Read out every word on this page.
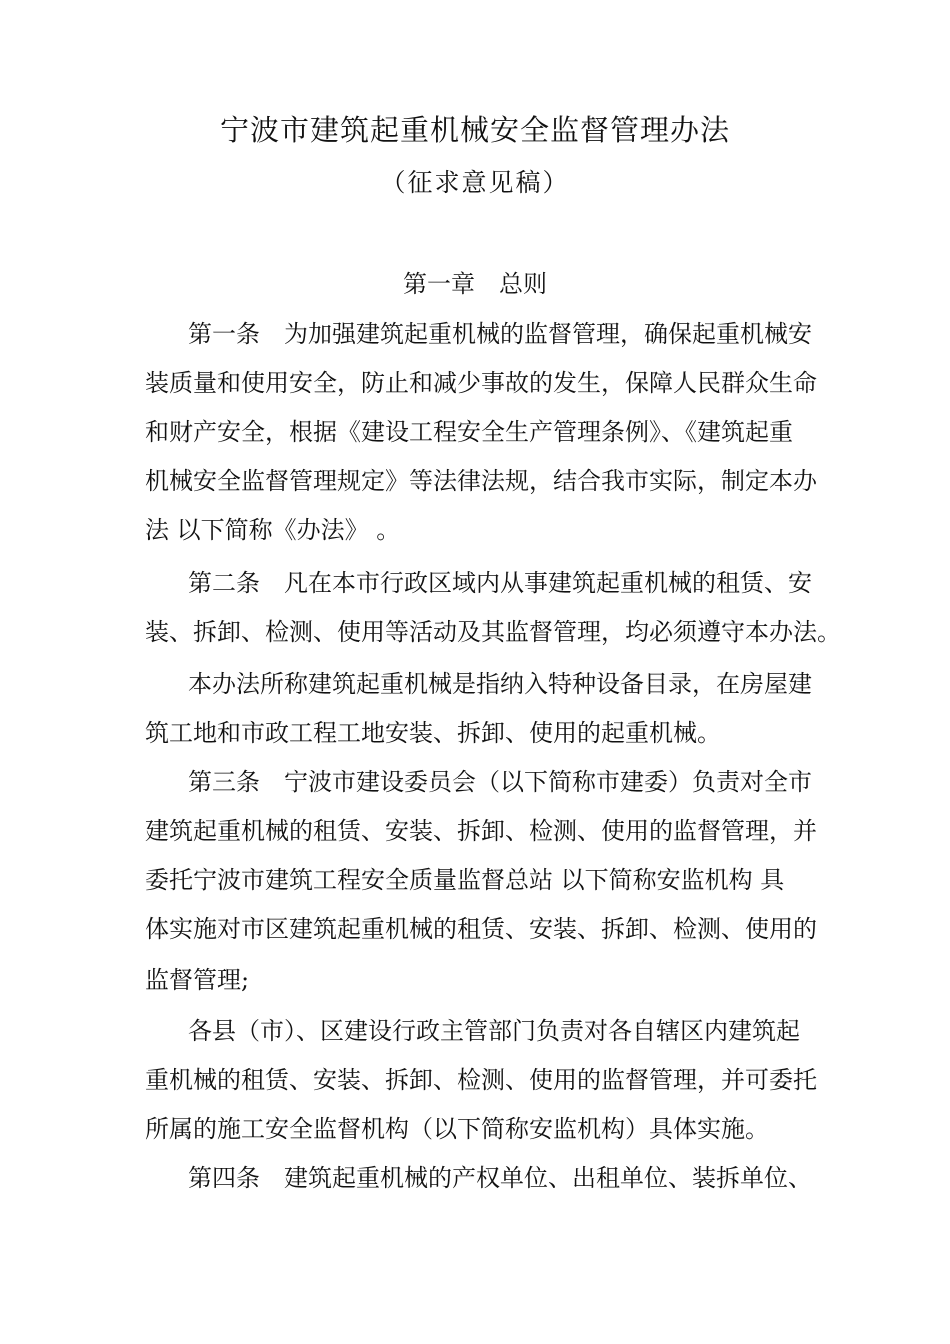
宁波市建筑起重机械安全监督管理办法
（征求意见稿）
第一章　总则
第一条　为加强建筑起重机械的监督管理，确保起重机械安
装质量和使用安全，防止和减少事故的发生，保障人民群众生命
和财产安全，根据《建设工程安全生产管理条例》、《建筑起重
机械安全监督管理规定》等法律法规，结合我市实际，制定本办
法 以下简称《办法》 。
第二条　凡在本市行政区域内从事建筑起重机械的租赁、安
装、拆卸、检测、使用等活动及其监督管理，均必须遵守本办法。
本办法所称建筑起重机械是指纳入特种设备目录，在房屋建
筑工地和市政工程工地安装、拆卸、使用的起重机械。
第三条　宁波市建设委员会（以下简称市建委）负责对全市
建筑起重机械的租赁、安装、拆卸、检测、使用的监督管理，并
委托宁波市建筑工程安全质量监督总站 以下简称安监机构 具
体实施对市区建筑起重机械的租赁、安装、拆卸、检测、使用的
监督管理;
各县（市）、区建设行政主管部门负责对各自辖区内建筑起
重机械的租赁、安装、拆卸、检测、使用的监督管理，并可委托
所属的施工安全监督机构（以下简称安监机构）具体实施。
第四条　建筑起重机械的产权单位、出租单位、装拆单位、
